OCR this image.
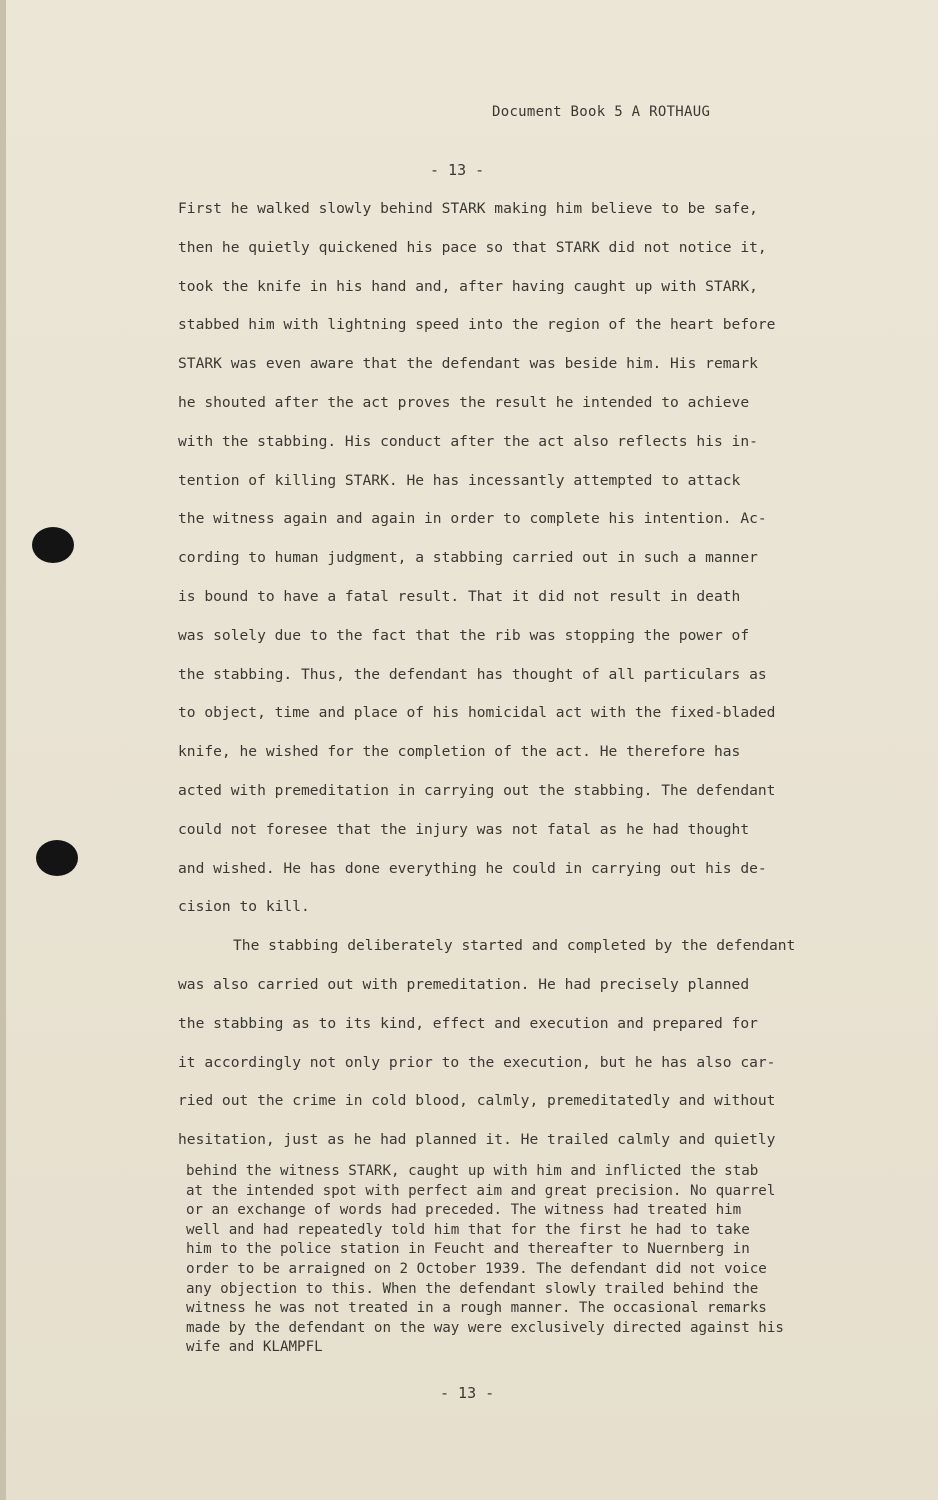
Document Book 5 A ROTHAUG
- 13 -
First he walked slowly behind STARK making him believe to be safe,
then he quietly quickened his pace so that STARK did not notice it,
took the knife in his hand and, after having caught up with STARK,
stabbed him with lightning speed into the region of the heart before
STARK was even aware that the defendant was beside him. His remark
he shouted after the act proves the result he intended to achieve
with the stabbing. His conduct after the act also reflects his in-
tention of killing STARK. He has incessantly attempted to attack
the witness again and again in order to complete his intention. Ac-
cording to human judgment, a stabbing carried out in such a manner
is bound to have a fatal result. That it did not result in death
was solely due to the fact that the rib was stopping the power of
the stabbing. Thus, the defendant has thought of all particulars as
to object, time and place of his homicidal act with the fixed-bladed
knife, he wished for the completion of the act. He therefore has
acted with premeditation in carrying out the stabbing. The defendant
could not foresee that the injury was not fatal as he had thought
and wished. He has done everything he could in carrying out his de-
cision to kill.
The stabbing deliberately started and completed by the defendant
was also carried out with premeditation. He had precisely planned
the stabbing as to its kind, effect and execution and prepared for
it accordingly not only prior to the execution, but he has also car-
ried out the crime in cold blood, calmly, premeditatedly and without
hesitation, just as he had planned it. He trailed calmly and quietly
behind the witness STARK, caught up with him and inflicted the stab
at the intended spot with perfect aim and great precision. No quarrel
or an exchange of words had preceded. The witness had treated him
well and had repeatedly told him that for the first he had to take
him to the police station in Feucht and thereafter to Nuernberg in
order to be arraigned on 2 October 1939. The defendant did not voice
any objection to this. When the defendant slowly trailed behind the
witness he was not treated in a rough manner. The occasional remarks
made by the defendant on the way were exclusively directed against his
wife and KLAMPFL
- 13 -
